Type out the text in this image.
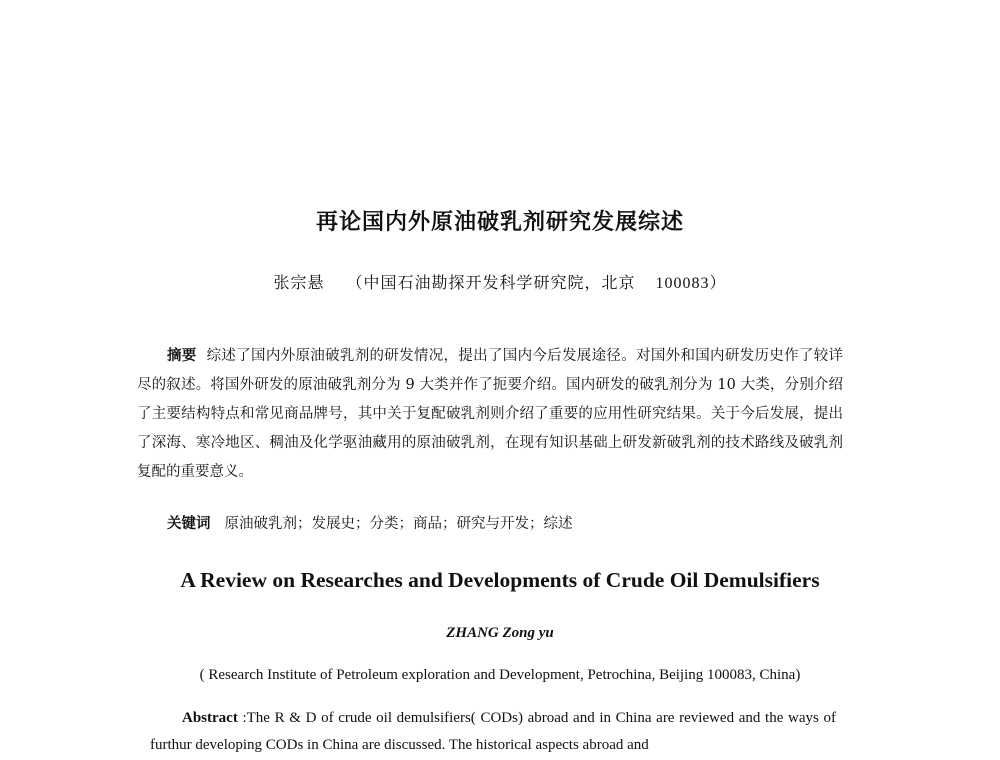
再论国内外原油破乳剂研究发展综述
张宗悬 （中国石油勘探开发科学研究院，北京 100083）
摘要 综述了国内外原油破乳剂的研发情况，提出了国内今后发展途径。对国外和国内研发历史作了较详尽的叙述。将国外研发的原油破乳剂分为 9 大类并作了扼要介绍。国内研发的破乳剂分为 10 大类，分别介绍了主要结构特点和常见商品牌号，其中关于复配破乳剂则介绍了重要的应用性研究结果。关于今后发展，提出了深海、寒冷地区、稠油及化学驱油藏用的原油破乳剂，在现有知识基础上研发新破乳剂的技术路线及破乳剂复配的重要意义。
关键词 原油破乳剂；发展史；分类；商品；研究与开发；综述
A Review on Researches and Developments of Crude Oil Demulsifiers
ZHANG Zong yu
( Research Institute of Petroleum exploration and Development, Petrochina, Beijing 100083, China)
Abstract :The R & D of crude oil demulsifiers( CODs) abroad and in China are reviewed and the ways of furthur developing CODs in China are discussed. The historical aspects abroad and
